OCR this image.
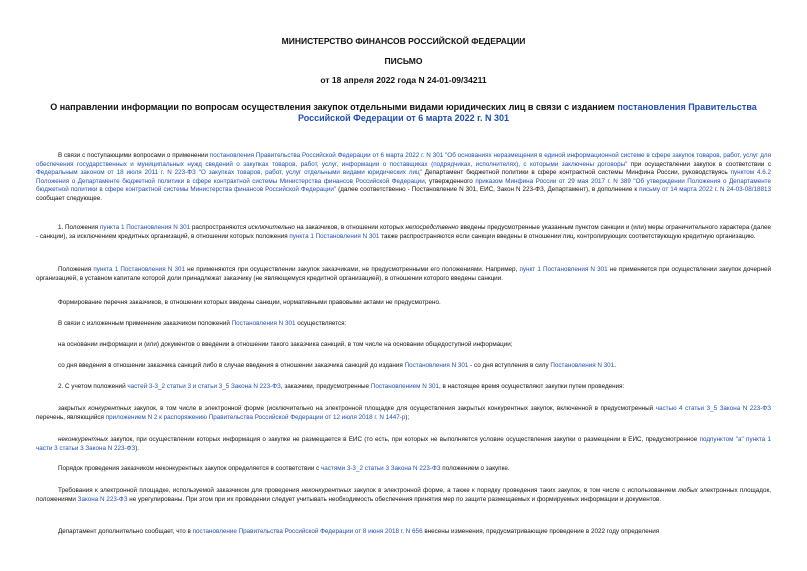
МИНИСТЕРСТВО ФИНАНСОВ РОССИЙСКОЙ ФЕДЕРАЦИИ
ПИСЬМО
от 18 апреля 2022 года N 24-01-09/34211
О направлении информации по вопросам осуществления закупок отдельными видами юридических лиц в связи с изданием постановления Правительства Российской Федерации от 6 марта 2022 г. N 301
В связи с поступающими вопросами о применении постановления Правительства Российской Федерации от 6 марта 2022 г. N 301 "Об основаниях неразмещения в единой информационной системе в сфере закупок товаров, работ, услуг для обеспечения государственных и муниципальных нужд сведений о закупках товаров, работ, услуг, информации о поставщиках (подрядчиках, исполнителях), с которыми заключены договоры" при осуществлении закупок в соответствии с Федеральным законом от 18 июля 2011 г. N 223-ФЗ "О закупках товаров, работ, услуг отдельными видами юридических лиц" Департамент бюджетной политики в сфере контрактной системы Минфина России, руководствуясь пунктом 4.6.2 Положения о Департаменте бюджетной политики в сфере контрактной системы Министерства финансов Российской Федерации, утвержденного приказом Минфина России от 29 мая 2017 г. N 389 "Об утверждении Положения о Департаменте бюджетной политики в сфере контрактной системы Министерства финансов Российской Федерации" (далее соответственно - Постановление N 301, ЕИС, Закон N 223-ФЗ, Департамент), в дополнение к письму от 14 марта 2022 г. N 24-03-08/18813 сообщает следующее.
1. Положения пункта 1 Постановления N 301 распространяются исключительно на заказчиков, в отношении которых непосредственно введены предусмотренные указанным пунктом санкции и (или) меры ограничительного характера (далее - санкции), за исключением кредитных организаций, в отношении которых положения пункта 1 Постановления N 301 также распространяются если санкции введены в отношении лиц, контролирующих соответствующую кредитную организацию.
Положения пункта 1 Постановления N 301 не применяются при осуществлении закупок заказчиками, не предусмотренными его положениями. Например, пункт 1 Постановления N 301 не применяется при осуществлении закупок дочерней организацией, в уставном капитале которой доли принадлежат заказчику (не являющемуся кредитной организацией), в отношении которого введены санкции.
Формирование перечня заказчиков, в отношении которых введены санкции, нормативными правовыми актами не предусмотрено.
В связи с изложенным применение заказчиком положений Постановления N 301 осуществляется:
на основании информации и (или) документов о введении в отношении такого заказчика санкций, в том числе на основании общедоступной информации;
со дня введения в отношении заказчика санкций либо в случае введения в отношении заказчика санкций до издания Постановления N 301 - со дня вступления в силу Постановления N 301.
2. С учетом положений частей 3-3_2 статьи 3 и статьи 3_5 Закона N 223-ФЗ, заказчики, предусмотренные Постановлением N 301, в настоящее время осуществляют закупки путем проведения:
закрытых конкурентных закупок, в том числе в электронной форме (исключительно на электронной площадке для осуществления закрытых конкурентных закупок, включенной в предусмотренный частью 4 статьи 3_5 Закона N 223-ФЗ перечень, являющийся приложением N 2 к распоряжению Правительства Российской Федерации от 12 июля 2018 г. N 1447-р);
неконкурентных закупок, при осуществлении которых информация о закупке не размещается в ЕИС (то есть, при которых не выполняется условие осуществления закупки о размещении в ЕИС, предусмотренное подпунктом "а" пункта 1 части 3 статьи 3 Закона N 223-ФЗ).
Порядок проведения заказчиком неконкурентных закупок определяется в соответствии с частями 3-3_2 статьи 3 Закона N 223-ФЗ положением о закупке.
Требования к электронной площадке, используемой заказчиком для проведения неконкурентных закупок в электронной форме, а также к порядку проведения таких закупок, в том числе с использованием любых электронных площадок, положениями Закона N 223-ФЗ не урегулированы. При этом при их проведении следует учитывать необходимость обеспечения принятия мер по защите размещаемых и формируемых информации и документов.
Департамент дополнительно сообщает, что в постановление Правительства Российской Федерации от 8 июня 2018 г. N 656 внесены изменения, предусматривающие проведение в 2022 году определения
